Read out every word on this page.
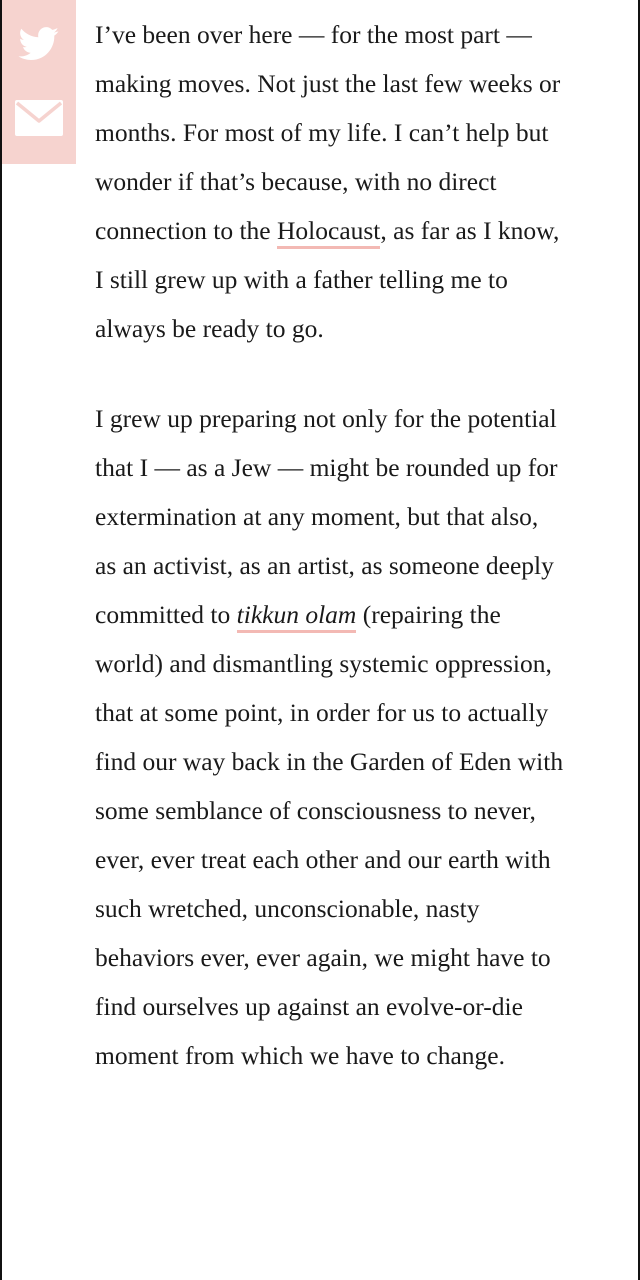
I’ve been over here — for the most part — making moves. Not just the last few weeks or months. For most of my life. I can’t help but wonder if that’s because, with no direct connection to the Holocaust, as far as I know, I still grew up with a father telling me to always be ready to go.

I grew up preparing not only for the potential that I — as a Jew — might be rounded up for extermination at any moment, but that also, as an activist, as an artist, as someone deeply committed to tikkun olam (repairing the world) and dismantling systemic oppression, that at some point, in order for us to actually find our way back in the Garden of Eden with some semblance of consciousness to never, ever, ever treat each other and our earth with such wretched, unconscionable, nasty behaviors ever, ever again, we might have to find ourselves up against an evolve-or-die moment from which we have to change.
